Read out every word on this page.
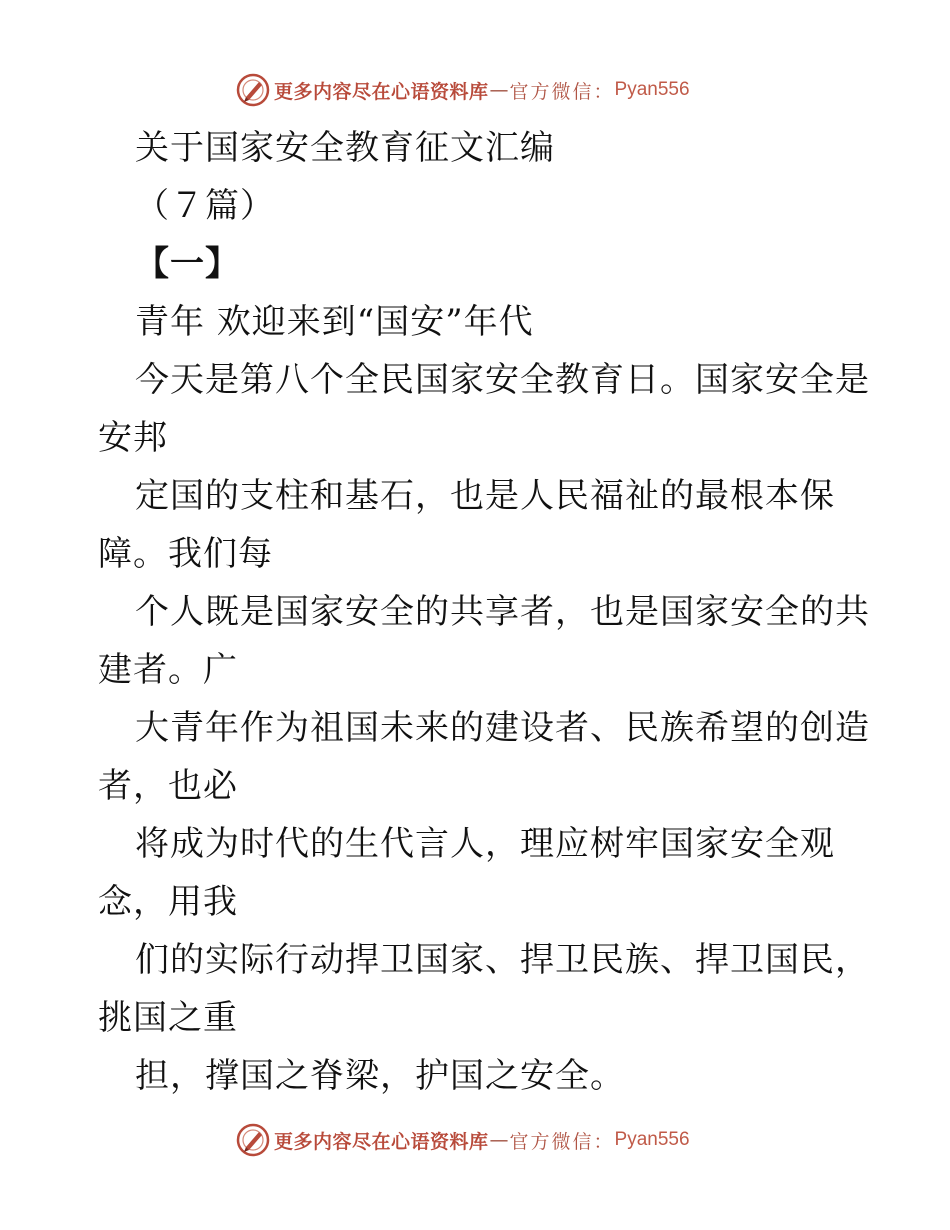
更多内容尽在心语资料库 — 官方微信： Pyan556
关于国家安全教育征文汇编
（７篇）
【一】
青年 欢迎来到“国安”年代
今天是第八个全民国家安全教育日。国家安全是
安邦
定国的支柱和基石，也是人民福祉的最根本保
障。我们每
个人既是国家安全的共享者，也是国家安全的共
建者。广
大青年作为祖国未来的建设者、民族希望的创造
者，也必
将成为时代的生代言人，理应树牢国家安全观
念，用我
们的实际行动捍卫国家、捍卫民族、捍卫国民，
挑国之重
担，撑国之脊梁，护国之安全。
更多内容尽在心语资料库 — 官方微信： Pyan556
